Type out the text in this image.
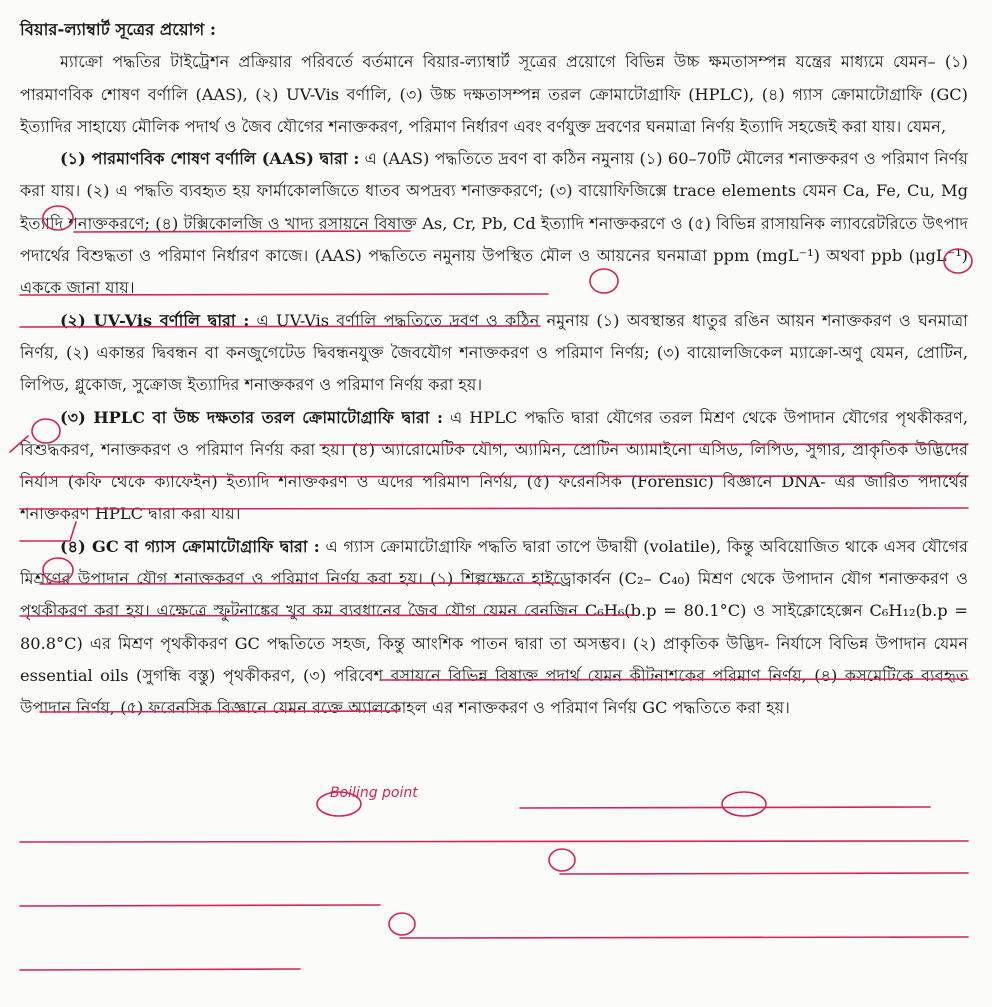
বিয়ার-ল্যাম্বার্ট সূত্রের প্রয়োগ :

ম্যাক্রো পদ্ধতির টাইট্রেশন প্রক্রিয়ার পরিবর্তে বর্তমানে বিয়ার-ল্যাম্বার্ট সূত্রের প্রয়োগে বিভিন্ন উচ্চ ক্ষমতাসম্পন্ন যন্ত্রের মাধ্যমে যেমন– (১) পারমাণবিক শোষণ বর্ণালি (AAS), (২) UV-Vis বর্ণালি, (৩) উচ্চ দক্ষতাসম্পন্ন তরল ক্রোমাটোগ্রাফি (HPLC), (৪) গ্যাস ক্রোমাটোগ্রাফি (GC) ইত্যাদির সাহায্যে মৌলিক পদার্থ ও জৈব যৌগের শনাক্তকরণ, পরিমাণ নির্ধারণ এবং বর্ণযুক্ত দ্রবণের ঘনমাত্রা নির্ণয় ইত্যাদি সহজেই করা যায়। যেমন,

(১) পারমাণবিক শোষণ বর্ণালি (AAS) দ্বারা : এ (AAS) পদ্ধতিতে দ্রবণ বা কঠিন নমুনায় (১) 60–70টি মৌলের শনাক্তকরণ ও পরিমাণ নির্ণয় করা যায়। (২) এ পদ্ধতি ব্যবহৃত হয় ফার্মাকোলজিতে ধাতব অপদ্রব্য শনাক্তকরণে; (৩) বায়োফিজিক্সে trace elements যেমন Ca, Fe, Cu, Mg ইত্যাদি শনাক্তকরণে; (৪) টক্সিকোলজি ও খাদ্য রসায়নে বিষাক্ত As, Cr, Pb, Cd ইত্যাদি শনাক্তকরণে ও (৫) বিভিন্ন রাসায়নিক ল্যাবরেটরিতে উৎপাদ পদার্থের বিশুদ্ধতা ও পরিমাণ নির্ধারণ কাজে। (AAS) পদ্ধতিতে নমুনায় উপস্থিত মৌল ও আয়নের ঘনমাত্রা ppm (mgL⁻¹) অথবা ppb (μgL⁻¹) এককে জানা যায়।

(২) UV-Vis বর্ণালি দ্বারা : এ UV-Vis বর্ণালি পদ্ধতিতে দ্রবণ ও কঠিন নমুনায় (১) অবস্থান্তর ধাতুর রঙিন আয়ন শনাক্তকরণ ও ঘনমাত্রা নির্ণয়, (২) একান্তর দ্বিবন্ধন বা কনজুগেটেড দ্বিবন্ধনযুক্ত জৈবযৌগ শনাক্তকরণ ও পরিমাণ নির্ণয়; (৩) বায়োলজিকেল ম্যাক্রো-অণু যেমন, প্রোটিন, লিপিড, গ্লুকোজ, সুক্রোজ ইত্যাদির শনাক্তকরণ ও পরিমাণ নির্ণয় করা হয়।

(৩) HPLC বা উচ্চ দক্ষতার তরল ক্রোমাটোগ্রাফি দ্বারা : এ HPLC পদ্ধতি দ্বারা যৌগের তরল মিশ্রণ থেকে উপাদান যৌগের পৃথকীকরণ, বিশুদ্ধকরণ, শনাক্তকরণ ও পরিমাণ নির্ণয় করা হয়। (৪) অ্যারোমেটিক যৌগ, অ্যামিন, প্রোটিন অ্যামাইনো এসিড, লিপিড, সুগার, প্রাকৃতিক উদ্ভিদের নির্যাস (কফি থেকে ক্যাফেইন) ইত্যাদি শনাক্তকরণ ও এদের পরিমাণ নির্ণয়, (৫) ফরেনসিক (Forensic) বিজ্ঞানে DNA- এর জারিত পদার্থের শনাক্তকরণ HPLC দ্বারা করা যায়।

(৪) GC বা গ্যাস ক্রোমাটোগ্রাফি দ্বারা : এ গ্যাস ক্রোমাটোগ্রাফি পদ্ধতি দ্বারা তাপে উদ্বায়ী (volatile), কিন্তু অবিয়োজিত থাকে এসব যৌগের মিশ্রণের উপাদান যৌগ শনাক্তকরণ ও পরিমাণ নির্ণয় করা হয়। (১) শিল্পক্ষেত্রে হাইড্রোকার্বন (C₂– C₄₀) মিশ্রণ থেকে উপাদান যৌগ শনাক্তকরণ ও পৃথকীকরণ করা হয়। এক্ষেত্রে স্ফুটনাঙ্কের খুব কম ব্যবধানের জৈব যৌগ যেমন বেনজিন C₆H₆(b.p = 80.1°C) ও সাইক্লোহেক্সেন C₆H₁₂(b.p = 80.8°C) এর মিশ্রণ পৃথকীকরণ GC পদ্ধতিতে সহজ, কিন্তু আংশিক পাতন দ্বারা তা অসম্ভব। (২) প্রাকৃতিক উদ্ভিদ- নির্যাসে বিভিন্ন উপাদান যেমন essential oils (সুগন্ধি বস্তু) পৃথকীকরণ, (৩) পরিবেশ রসায়নে বিভিন্ন বিষাক্ত পদার্থ যেমন কীটনাশকের পরিমাণ নির্ণয়, (৪) কসমেটিকে ব্যবহৃত উপাদান নির্ণয়, (৫) ফরেনসিক বিজ্ঞানে যেমন রক্তে অ্যালকোহল এর শনাক্তকরণ ও পরিমাণ নির্ণয় GC পদ্ধতিতে করা হয়।

Boiling point
